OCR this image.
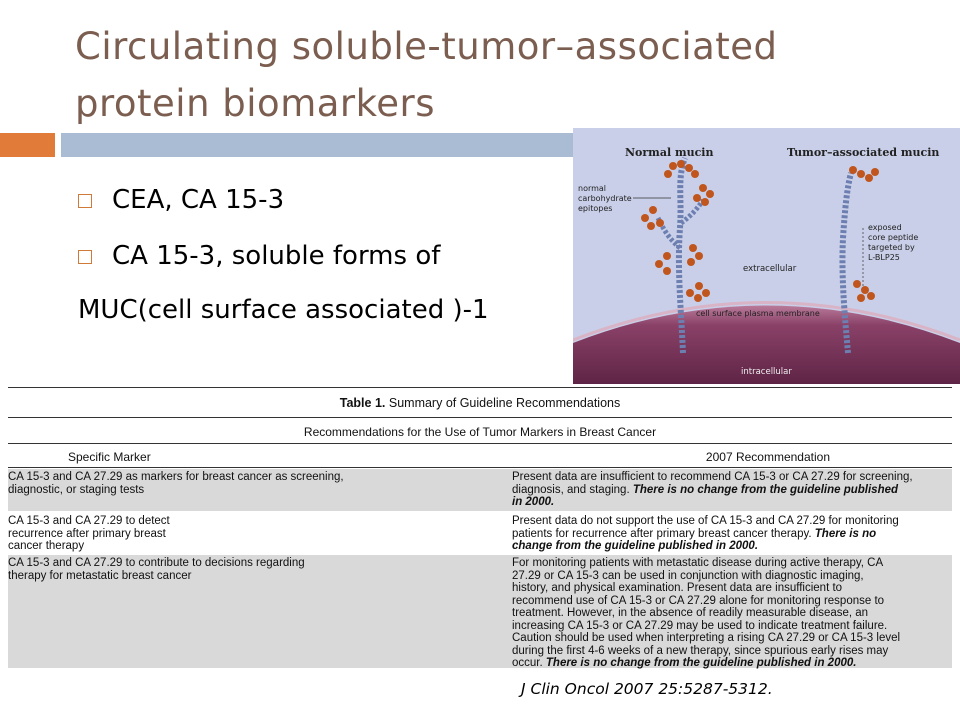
Circulating soluble-tumor–associated protein biomarkers
CEA, CA 15-3
CA 15-3, soluble forms of
MUC(cell surface associated )-1
Normal mucin	Tumor–associated mucin
normal
carbohydrate
epitopes
exposed
core peptide
targeted by
L-BLP25
extracellular
cell surface plasma membrane
intracellular
Table 1. Summary of Guideline Recommendations
Recommendations for the Use of Tumor Markers in Breast Cancer
Specific Marker	2007 Recommendation
CA 15-3 and CA 27.29 as markers for breast cancer as screening,
diagnostic, or staging tests
Present data are insufficient to recommend CA 15-3 or CA 27.29 for screening,
diagnosis, and staging. There is no change from the guideline published
in 2000.
CA 15-3 and CA 27.29 to detect
recurrence after primary breast
cancer therapy
Present data do not support the use of CA 15-3 and CA 27.29 for monitoring
patients for recurrence after primary breast cancer therapy. There is no
change from the guideline published in 2000.
CA 15-3 and CA 27.29 to contribute to decisions regarding
therapy for metastatic breast cancer
For monitoring patients with metastatic disease during active therapy, CA
27.29 or CA 15-3 can be used in conjunction with diagnostic imaging,
history, and physical examination. Present data are insufficient to
recommend use of CA 15-3 or CA 27.29 alone for monitoring response to
treatment. However, in the absence of readily measurable disease, an
increasing CA 15-3 or CA 27.29 may be used to indicate treatment failure.
Caution should be used when interpreting a rising CA 27.29 or CA 15-3 level
during the first 4-6 weeks of a new therapy, since spurious early rises may
occur. There is no change from the guideline published in 2000.
J Clin Oncol 2007 25:5287-5312.
